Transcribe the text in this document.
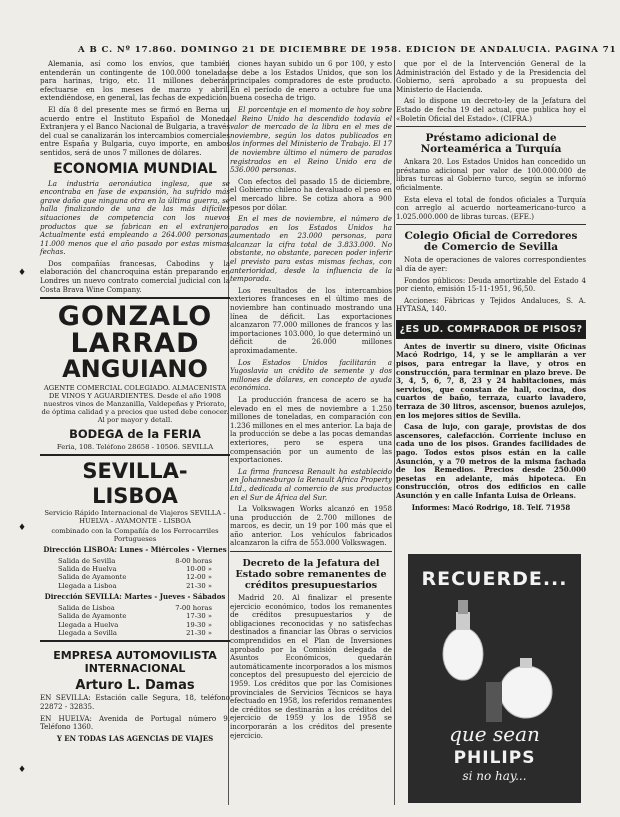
A B C. Nº 17.860. DOMINGO 21 DE DICIEMBRE DE 1958. EDICION DE ANDALUCIA. PAGINA 71

Alemania, así como los envíos, que también entenderán un contingente de 100.000 toneladas para harinas, trigo, etc. 11 millones deberán efectuarse en los meses de marzo y abril, extendiéndose, en general, las fechas de expedición.

El día 8 del presente mes se firmó en Berna un acuerdo entre el Instituto Español de Moneda Extranjera y el Banco Nacional de Bulgaria, a través del cual se canalizarán los intercambios comerciales entre España y Bulgaria, cuyo importe, en ambos sentidos, será de unos 7 millones de dólares.

ECONOMIA MUNDIAL

La industria aeronáutica inglesa, que se encontraba en fase de expansión, ha sufrido más grave daño que ninguna otra en la última guerra, se halla finalizando de una de las más difíciles situaciones de competencia con los nuevos productos que se fabrican en el extranjero. Actualmente está empleando a 264.000 personas, 11.000 menos que el año pasado por estas mismas fechas.

Dos compañías francesas, Cabodins y la elaboración del chancroquina están preparando en Londres un nuevo contrato comercial judicial con la Costa Brava Wine Company.

GONZALO
LARRAD
ANGUIANO
AGENTE COMERCIAL COLEGIADO. ALMACENISTA DE VINOS Y AGUARDIENTES. Desde el año 1908 nuestros vinos de Manzanilla, Valdepeñas y Priorato, de óptima calidad y a precios que usted debe conocer. Al por mayor y detall.
BODEGA de la FERIA
Feria, 108. Teléfono 28658 - 10506. SEVILLA
SEVILLA-LISBOA
Servicio Rápido Internacional de Viajeros SEVILLA - HUELVA - AYAMONTE - LISBOA
combinado con la Compañía de los Ferrocarriles Portugueses
Dirección LISBOA: Lunes - Miércoles - Viernes
Salida de Sevilla	8-00 horas
Salida de Huelva	10-00 »
Salida de Ayamonte	12-00 »
Llegada a Lisboa	21-30 »
Dirección SEVILLA: Martes - Jueves - Sábados
Salida de Lisboa	7-00 horas
Salida de Ayamonte	17-30 »
Llegada a Huelva	19-30 »
Llegada a Sevilla	21-30 »
EMPRESA AUTOMOVILISTA INTERNACIONAL
Arturo L. Damas

EN SEVILLA: Estación calle Segura, 18, teléfono 22872 - 32835.

EN HUELVA: Avenida de Portugal número 9. Teléfono 1360.

Y EN TODAS LAS AGENCIAS DE VIAJES

ciones hayan subido un 6 por 100, y esto se debe a los Estados Unidos, que son los principales compradores de este producto. En el período de enero a octubre fue una buena cosecha de trigo.

El porcentaje en el momento de hoy sobre el Reino Unido ha descendido todavía el valor de mercado de la libra en el mes de noviembre, según los datos publicados en los informes del Ministerio de Trabajo. El 17 de noviembre último el número de parados registrados en el Reino Unido era de 536.000 personas.

Con efectos del pasado 15 de diciembre, el Gobierno chileno ha devaluado el peso en el mercado libre. Se cotiza ahora a 900 pesos por dólar.

En el mes de noviembre, el número de parados en los Estados Unidos ha aumentado en 23.000 personas, para alcanzar la cifra total de 3.833.000. No obstante, no obstante, parecen poder inferir el previsto para estas mismas fechas, con anterioridad, desde la influencia de la temporada.

Los resultados de los intercambios exteriores franceses en el último mes de noviembre han continuado mostrando una línea de déficit. Las exportaciones alcanzaron 77.000 millones de francos y las importaciones 103.000, lo que determinó un déficit de 26.000 millones aproximadamente.

Los Estados Unidos facilitarán a Yugoslavia un crédito de semente y dos millones de dólares, en concepto de ayuda económica.

La producción francesa de acero se ha elevado en el mes de noviembre a 1.250 millones de toneladas, en comparación con 1.236 millones en el mes anterior. La baja de la producción se debe a las pocas demandas exteriores, pero se espera una compensación por un aumento de las exportaciones.

La firma francesa Renault ha establecido en Johannesburgo la Renault Africa Property Ltd., dedicada al comercio de sus productos en el Sur de África del Sur.

La Volkswagen Works alcanzó en 1958 una producción de 2.700 millones de marcos, es decir, un 19 por 100 más que el año anterior. Los vehículos fabricados alcanzaron la cifra de 553.000 Volkswagen.

Decreto de la Jefatura del Estado sobre remanentes de créditos presupuestarios

Madrid 20. Al finalizar el presente ejercicio económico, todos los remanentes de créditos presupuestarios y de obligaciones reconocidas y no satisfechas destinados a financiar las Obras o servicios comprendidos en el Plan de Inversiones aprobado por la Comisión delegada de Asuntos Económicos, quedarán automáticamente incorporados a los mismos conceptos del presupuesto del ejercicio de 1959. Los créditos que por las Comisiones provinciales de Servicios Técnicos se haya efectuado en 1958, los referidos remanentes de créditos se destinarán a los créditos del ejercicio de 1959 y los de 1958 se incorporarán a los créditos del presente ejercicio.

que por el de la Intervención General de la Administración del Estado y de la Presidencia del Gobierno, será aprobado a su propuesta del Ministerio de Hacienda.

Así lo dispone un decreto-ley de la Jefatura del Estado de fecha 19 del actual, que publica hoy el «Boletín Oficial del Estado». (CIFRA.)

Préstamo adicional de Norteamérica a Turquía

Ankara 20. Los Estados Unidos han concedido un préstamo adicional por valor de 100.000.000 de libras turcas al Gobierno turco, según se informó oficialmente.

Esta eleva el total de fondos oficiales a Turquía con arreglo al acuerdo norteamericano-turco a 1.025.000.000 de libras turcas. (EFE.)

Colegio Oficial de Corredores de Comercio de Sevilla

Nota de operaciones de valores correspondientes al día de ayer:

Fondos públicos: Deuda amortizable del Estado 4 por ciento, emisión 15-11-1951, 96,50.

Acciones: Fábricas y Tejidos Andaluces, S. A. HYTASA, 140.

¿ES UD. COMPRADOR DE PISOS?

Antes de invertir su dinero, visite Oficinas Macó Rodrigo, 14, y se le ampliarán a ver pisos, para entregar la llave, y otros en construcción, para terminar en plazo breve. De 3, 4, 5, 6, 7, 8, 23 y 24 habitaciones, más servicios, que constan de hall, cocina, dos cuartos de baño, terraza, cuarto lavadero, terraza de 30 litros, ascensor, buenos azulejos, en los mejores sitios de Sevilla.

Casa de lujo, con garaje, provistas de dos ascensores, calefacción. Corriente incluso en cada uno de los pisos. Grandes facilidades de pago. Todos estos pisos están en la calle Asunción, y a 70 metros de la misma fachada de los Remedios. Precios desde 250.000 pesetas en adelante, más hipoteca. En construcción, otros dos edificios en calle Asunción y en calle Infanta Luisa de Orleans.

Informes: Macó Rodrigo, 18. Telf. 71958
RECUERDE...
que sean
PHILIPS
si no hay...
♦
♦
♦
